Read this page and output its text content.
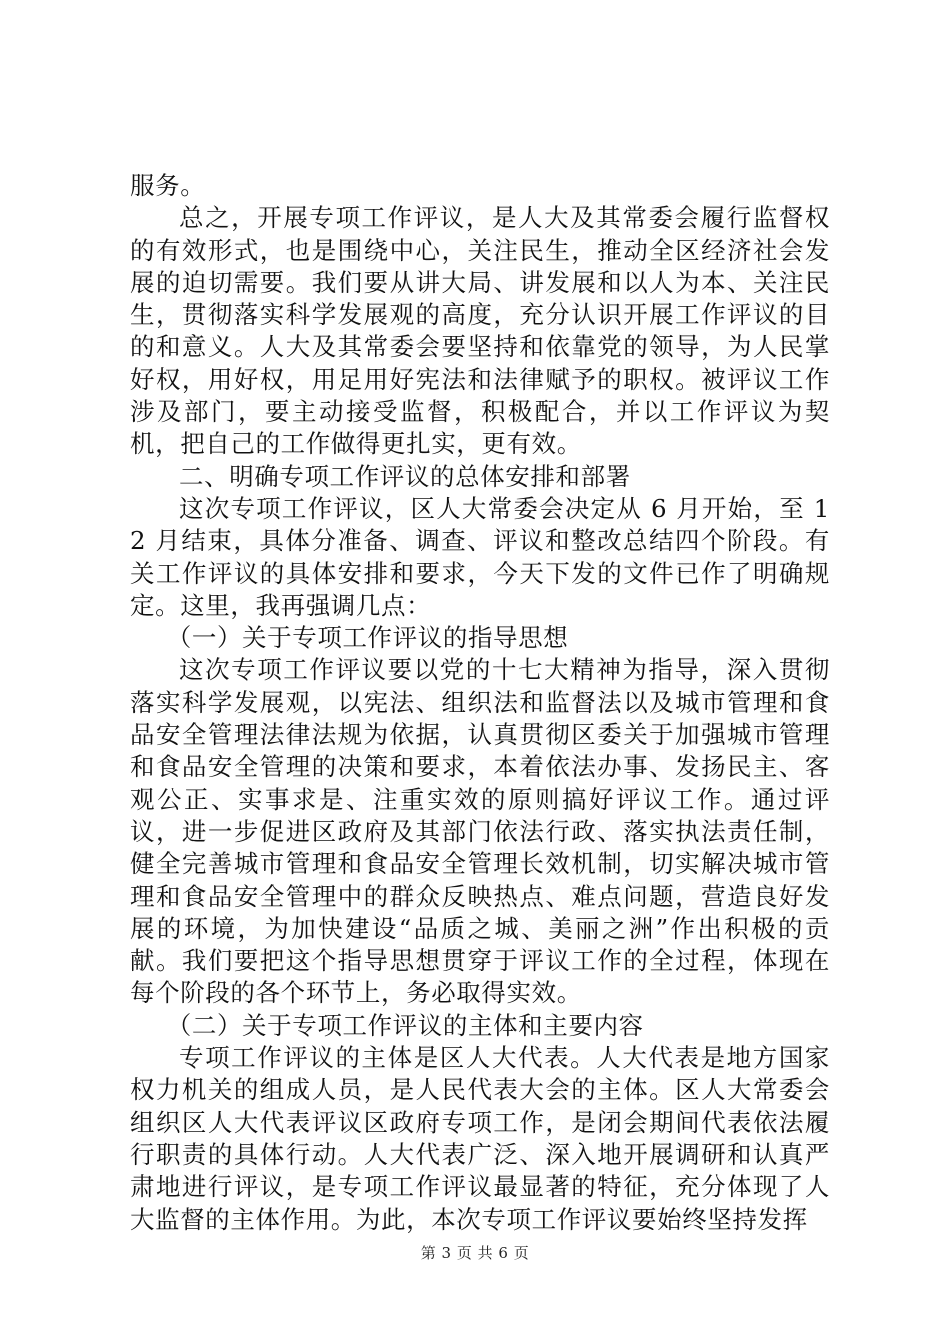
服务。

总之，开展专项工作评议，是人大及其常委会履行监督权的有效形式，也是围绕中心，关注民生，推动全区经济社会发展的迫切需要。我们要从讲大局、讲发展和以人为本、关注民生，贯彻落实科学发展观的高度，充分认识开展工作评议的目的和意义。人大及其常委会要坚持和依靠党的领导，为人民掌好权，用好权，用足用好宪法和法律赋予的职权。被评议工作涉及部门，要主动接受监督，积极配合，并以工作评议为契机，把自己的工作做得更扎实，更有效。

二、明确专项工作评议的总体安排和部署

这次专项工作评议，区人大常委会决定从 6 月开始，至 12 月结束，具体分准备、调查、评议和整改总结四个阶段。有关工作评议的具体安排和要求，今天下发的文件已作了明确规定。这里，我再强调几点：

（一）关于专项工作评议的指导思想

这次专项工作评议要以党的十七大精神为指导，深入贯彻落实科学发展观，以宪法、组织法和监督法以及城市管理和食品安全管理法律法规为依据，认真贯彻区委关于加强城市管理和食品安全管理的决策和要求，本着依法办事、发扬民主、客观公正、实事求是、注重实效的原则搞好评议工作。通过评议，进一步促进区政府及其部门依法行政、落实执法责任制，健全完善城市管理和食品安全管理长效机制，切实解决城市管理和食品安全管理中的群众反映热点、难点问题，营造良好发展的环境，为加快建设“品质之城、美丽之洲”作出积极的贡献。我们要把这个指导思想贯穿于评议工作的全过程，体现在每个阶段的各个环节上，务必取得实效。

（二）关于专项工作评议的主体和主要内容

专项工作评议的主体是区人大代表。人大代表是地方国家权力机关的组成人员，是人民代表大会的主体。区人大常委会组织区人大代表评议区政府专项工作，是闭会期间代表依法履行职责的具体行动。人大代表广泛、深入地开展调研和认真严肃地进行评议，是专项工作评议最显著的特征，充分体现了人大监督的主体作用。为此，本次专项工作评议要始终坚持发挥

第 3 页 共 6 页
